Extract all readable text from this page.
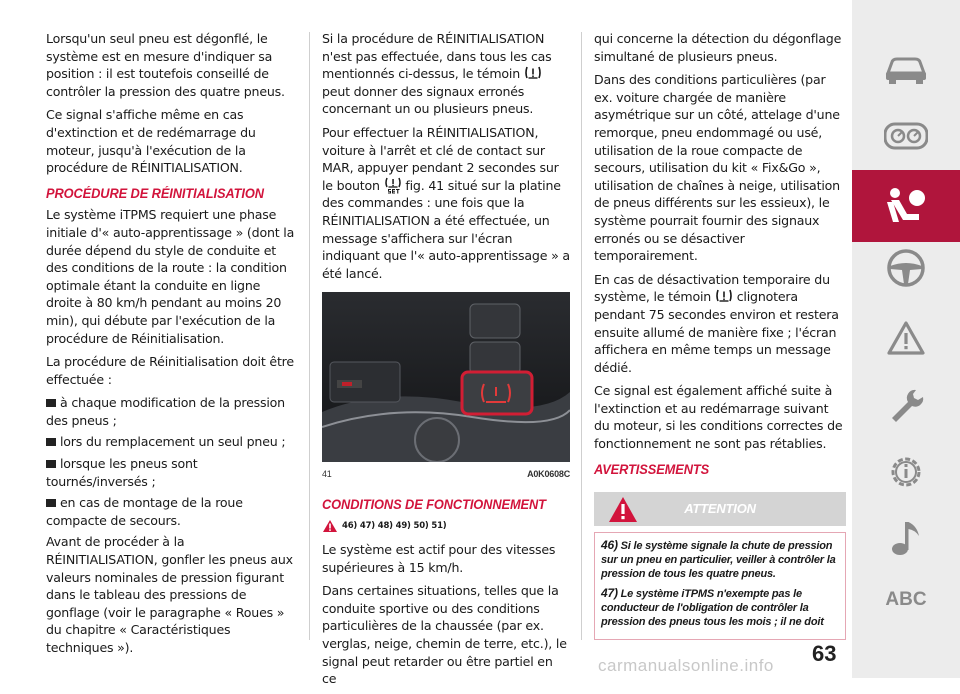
Lorsqu'un seul pneu est dégonflé, le système est en mesure d'indiquer sa position : il est toutefois conseillé de contrôler la pression des quatre pneus.

Ce signal s'affiche même en cas d'extinction et de redémarrage du moteur, jusqu'à l'exécution de la procédure de RÉINITIALISATION.

PROCÉDURE DE RÉINITIALISATION

Le système iTPMS requiert une phase initiale d'« auto-apprentissage » (dont la durée dépend du style de conduite et des conditions de la route : la condition optimale étant la conduite en ligne droite à 80 km/h pendant au moins 20 min), qui débute par l'exécution de la procédure de Réinitialisation.

La procédure de Réinitialisation doit être effectuée :

à chaque modification de la pression des pneus ;
lors du remplacement un seul pneu ;
lorsque les pneus sont tournés/inversés ;
en cas de montage de la roue compacte de secours.

Avant de procéder à la RÉINITIALISATION, gonfler les pneus aux valeurs nominales de pression figurant dans le tableau des pressions de gonflage (voir le paragraphe « Roues » du chapitre « Caractéristiques techniques »).

Si la procédure de RÉINITIALISATION n'est pas effectuée, dans tous les cas mentionnés ci-dessus, le témoin  peut donner des signaux erronés concernant un ou plusieurs pneus.

Pour effectuer la RÉINITIALISATION, voiture à l'arrêt et clé de contact sur MAR, appuyer pendant 2 secondes sur le bouton fig. 41 situé sur la platine des commandes : une fois que la RÉINITIALISATION a été effectuée, un message s'affichera sur l'écran indiquant que l'« auto-apprentissage » a été lancé.

41	A0K0608C
CONDITIONS DE FONCTIONNEMENT
46) 47) 48) 49) 50) 51)

Le système est actif pour des vitesses supérieures à 15 km/h.

Dans certaines situations, telles que la conduite sportive ou des conditions particulières de la chaussée (par ex. verglas, neige, chemin de terre, etc.), le signal peut retarder ou être partiel en ce

qui concerne la détection du dégonflage simultané de plusieurs pneus.

Dans des conditions particulières (par ex. voiture chargée de manière asymétrique sur un côté, attelage d'une remorque, pneu endommagé ou usé, utilisation de la roue compacte de secours, utilisation du kit « Fix&Go », utilisation de chaînes à neige, utilisation de pneus différents sur les essieux), le système pourrait fournir des signaux erronés ou se désactiver temporairement.

En cas de désactivation temporaire du système, le témoin clignotera pendant 75 secondes environ et restera ensuite allumé de manière fixe ; l'écran affichera en même temps un message dédié.

Ce signal est également affiché suite à l'extinction et au redémarrage suivant du moteur, si les conditions correctes de fonctionnement ne sont pas rétablies.

AVERTISSEMENTS
ATTENTION

46) Si le système signale la chute de pression sur un pneu en particulier, veiller à contrôler la pression de tous les quatre pneus.

47) Le système iTPMS n'exempte pas le conducteur de l'obligation de contrôler la pression des pneus tous les mois ; il ne doit

63
carmanualsonline.info
ABC
